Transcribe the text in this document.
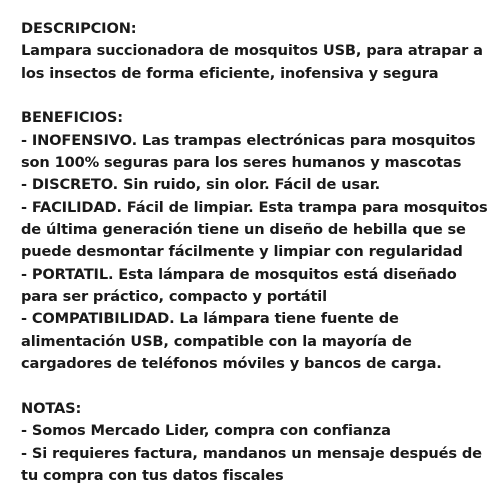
DESCRIPCION:
Lampara succionadora de mosquitos USB, para atrapar a
los insectos de forma eficiente, inofensiva y segura
BENEFICIOS:
- INOFENSIVO. Las trampas electrónicas para mosquitos
son 100% seguras para los seres humanos y mascotas
- DISCRETO. Sin ruido, sin olor. Fácil de usar.
- FACILIDAD. Fácil de limpiar. Esta trampa para mosquitos
de última generación tiene un diseño de hebilla que se
puede desmontar fácilmente y limpiar con regularidad
- PORTATIL. Esta lámpara de mosquitos está diseñado
para ser práctico, compacto y portátil
- COMPATIBILIDAD. La lámpara tiene fuente de
alimentación USB, compatible con la mayoría de
cargadores de teléfonos móviles y bancos de carga.
NOTAS:
- Somos Mercado Lider, compra con confianza
- Si requieres factura, mandanos un mensaje después de
tu compra con tus datos fiscales
